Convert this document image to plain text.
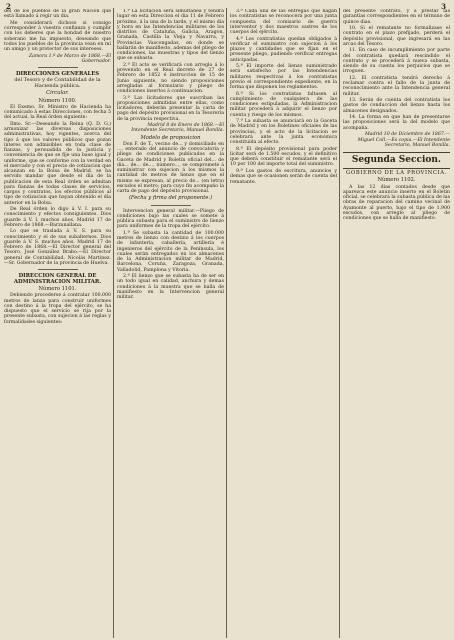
2	3

del de los pueblos de la gran Nacion que está llamado á regir un dia.

Me considerará dichoso si consigo corresponder á vuestra confianza y cumplir con los deberes que la bondad de nuestro soberano me ha impuesto, deseando que todos los pueblos de la provincia vean en mí un amigo y un protector de sus intereses.

Zamora 1.º de Marzo de 1868.—El Gobernador.

DIRECCIONES GENERALES
del Tesoro y de Contabilidad de la Hacienda pública.
Circular.
Número 1100.

El Exemo. Sr. Ministro de Hacienda ha comunicado á estas Direcciones, con fecha 5 del actual, la Real órden siguiente:

Ilmo. Sr.—Deseando la Reina (Q. D. G.) armonizar las diversas disposiciones administrativas, hoy vigentes, acerca del tipo á que los valores públicos que gozan interes son admisibles en toda clase de fianzas, y persuadida de la justicia y conveniencia de que se fije una base igual y uniforme, que se conforme con la verdad en el mercado y con el precio de cotizacion que alcanzan en la Bolsa de Madrid, se ha servido mandar que desde el dia de la publicacion de esta Real órden se admitan para fianzas de todas clases de servicios, cargos y contratos, los efectos públicos al tipo de cotizacion que hayan obtenido el dia anterior en la Bolsa.

De Real órden lo digo á V. I. para su conocimiento y efectos consiguientes. Dios guarde á V. I. muchos años. Madrid 17 de Febrero de 1868.—Barzanallana.

Lo que se traslada á V. S. para su conocimiento y el de sus subalternos. Dios guarde á V. S. muchos años. Madrid 17 de Febrero de 1868.—El Director general del Tesoro, José González Brabo.—El Director general de Contabilidad, Nicolás Martínez.—Sr. Gobernador de la provincia de Huelva.

DIRECCION GENERAL DE ADMINISTRACION MILITAR.
Número 1101.

Debiendo procederse á contratar 100.000 metros de lanza para construir uniformes con destino á la tropa del ejército, se ha dispuesto que el servicio se rija por la presente subasta, con sujecion á las reglas y formalidades siguientes:

1.ª La licitacion será simultánea y tendrá lugar en esta Direccion el dia 11 de Febrero próximo, á la una de la tarde, y el mismo dia y hora en las Intendencias militares de los distritos de Cataluña, Galicia, Aragon, Granada, Castilla la Vieja y Navarra, y Provincias Vascongadas, en donde se hallarán de manifiesto, ademas del pliego de condiciones, las muestras y tipos del lienzo que se subasta.

2.ª El acto se verificará con arreglo á lo prevenido en el Real decreto de 27 de Febrero de 1852 é instruccion de 15 de Junio siguiente, no siendo proposiciones arregladas al formulario y pliego de condiciones insertos á continuacion.

3.ª Las licitadores que suscriban las proposiciones admitidas entre ellas, como licitadores, deberán presentar la carta de pago del depósito provisional en la Tesorería de la provincia respectiva.

Madrid 8 de Enero de 1868.—El Intendente Secretario, Manuel Bonilla.

Modelo de proposicion

Don F. de T., vecino de... y domiciliado en ..., enterado del anuncio de convocatoria y pliego de condiciones publicados en la Gaceta de Madrid y Boletín oficial del... de dia... de... de..., número..., se compromete á suministrar con sujecion á los mismos la cantidad de metros de lienzo que en el mismo se expresan, al precio de... (en letra) escudos el metro; para cuyo fin acompaño la carta de pago del depósito provisional.

(Fecha y firma del proponente.)

Intervencion general militar.—Pliego de condiciones bajo las cuales se somete á pública subasta para el suministro de lienzo para uniformes de la tropa del ejército.

1.ª Se subasta la cantidad de 100.000 metros de lienzo con destino á los cuerpos de infantería, caballería, artillería é ingenieros del ejército de la Península, los cuales serán entregados en los almacenes de la Administracion militar de Madrid, Barcelona, Coruña, Zaragoza, Granada, Valladolid, Pamplona y Vitoria.

2.ª El lienzo que se subasta ha de ser en un todo igual en calidad, anchura y demas condiciones á la muestra que se halla de manifiesto en la Intervencion general militar.

3.ª Cada una de las entregas que hagan los contratistas se reconocerá por una junta compuesta del comisario de guerra interventor y dos maestros sastres de los cuerpos del ejército.

4.ª Los contratistas quedan obligados á verificar el suministro con sujecion á los plazos y cantidades que se fijan en el presente pliego, pudiendo verificar entregas anticipadas.

5.ª El importe del lienzo suministrado será satisfecho por las Intendencias militares respectivas á los contratistas previo el correspondiente expediente, en la forma que disponen los reglamentos.

6.ª Si los contratistas faltasen al cumplimiento de cualquiera de las condiciones estipuladas, la Administracion militar procederá á adquirir el lienzo por cuenta y riesgo de los mismos.

7.ª La subasta se anunciará en la Gaceta de Madrid y en los Boletines oficiales de las provincias, y el acto de la licitacion se celebrará ante la junta económica constituida al efecto.

8.ª El depósito provisional para poder licitar será de 1.500 escudos, y el definitivo que deberá constituir el rematante será el 10 por 100 del importe total del suministro.

9.ª Los gastos de escritura, anuncios y demas que se ocasionen serán de cuenta del rematante.

del presente contrato, y á prestar las garantías correspondientes en el término de quince dias.

10. Si el rematante no formalizase el contrato en el plazo prefijado, perderá el depósito provisional, que ingresará en las arcas del Tesoro.

11. En caso de incumplimiento por parte del contratista quedará rescindido el contrato y se procederá á nueva subasta, siendo de su cuenta los perjuicios que se irroguen.

12. El contratista tendrá derecho á reclamar contra el fallo de la junta de reconocimiento ante la Intendencia general militar.

13. Serán de cuenta del contratista los gastos de conduccion del lienzo hasta los almacenes designados.

14. La forma en que han de presentarse las proposiciones será la del modelo que acompaña.

Madrid 10 de Diciembre de 1867.—Miguel Coll.—Es copia.—El Intendente Secretario, Manuel Bonilla.

Segunda Seccion.
GOBIERNO DE LA PROVINCIA.
Número 1102.

A las 12 dias contados desde que aparezca este anuncio inserto en el Boletin oficial, se celebrará la subasta pública de las obras de reparacion del camino vecinal de Ayamonte al puerto, bajo el tipo de 1.900 escudos, con arreglo al pliego de condiciones que se halla de manifiesto.
